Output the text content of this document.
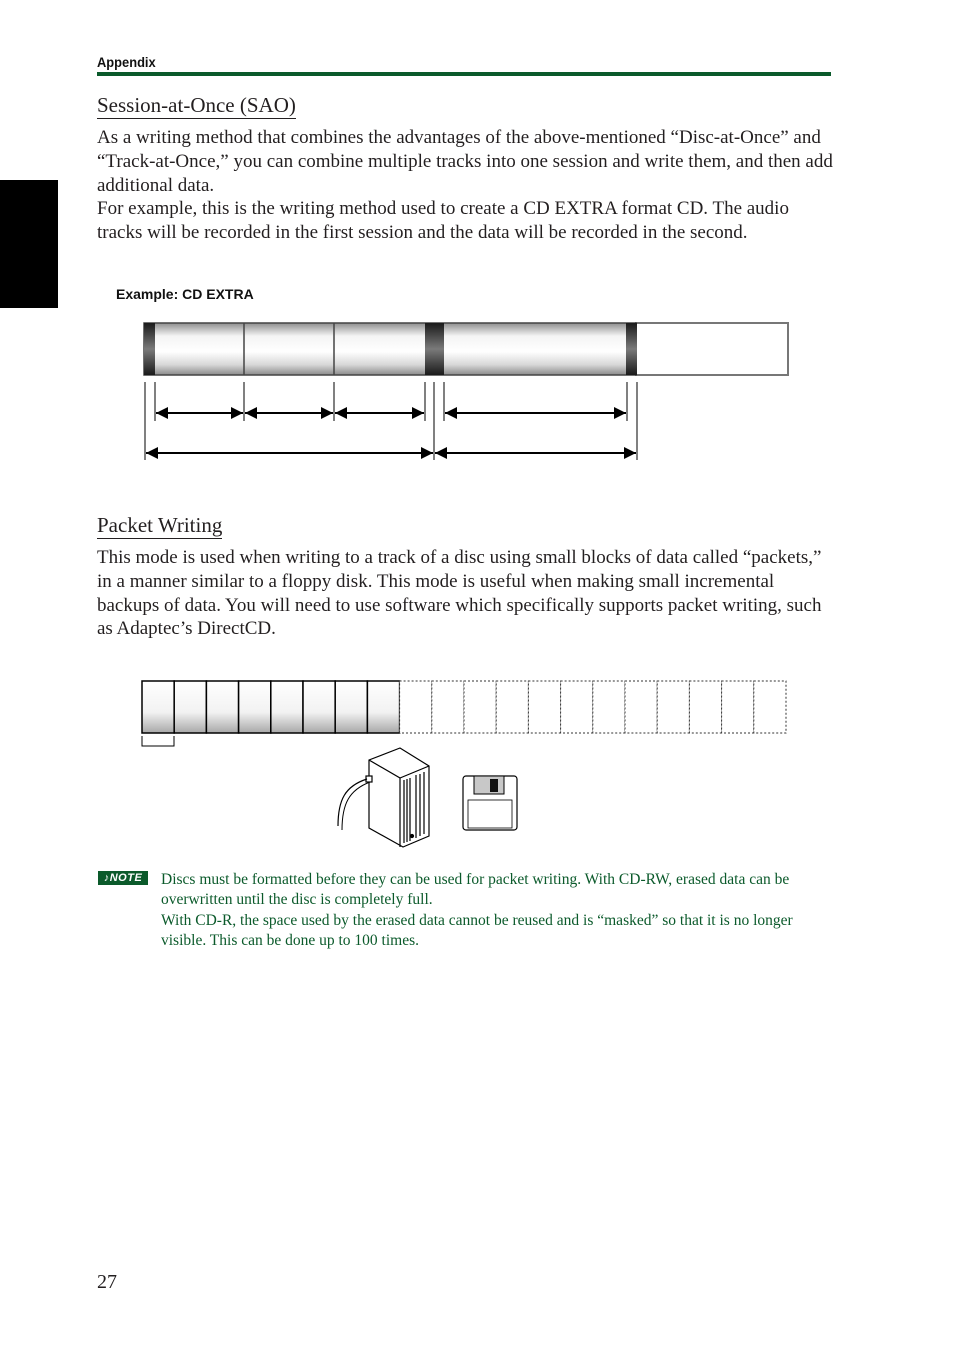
Appendix
Session-at-Once (SAO)

As a writing method that combines the advantages of the above-mentioned “Disc-at-Once” and “Track-at-Once,” you can combine multiple tracks into one session and write them, and then add additional data.

For example, this is the writing method used to create a CD EXTRA format CD. The audio tracks will be recorded in the first session and the data will be recorded in the second.

Example: CD EXTRA
Packet Writing

This mode is used when writing to a track of a disc using small blocks of data called “packets,” in a manner similar to a floppy disk. This mode is useful when making small incremental backups of data. You will need to use software which specifically supports packet writing, such as Adaptec’s DirectCD.

♪NOTE	Discs must be formatted before they can be used for packet writing. With CD-RW, erased data can be overwritten until the disc is completely full.

With CD-R, the space used by the erased data cannot be reused and is “masked” so that it is no longer visible. This can be done up to 100 times.

27
